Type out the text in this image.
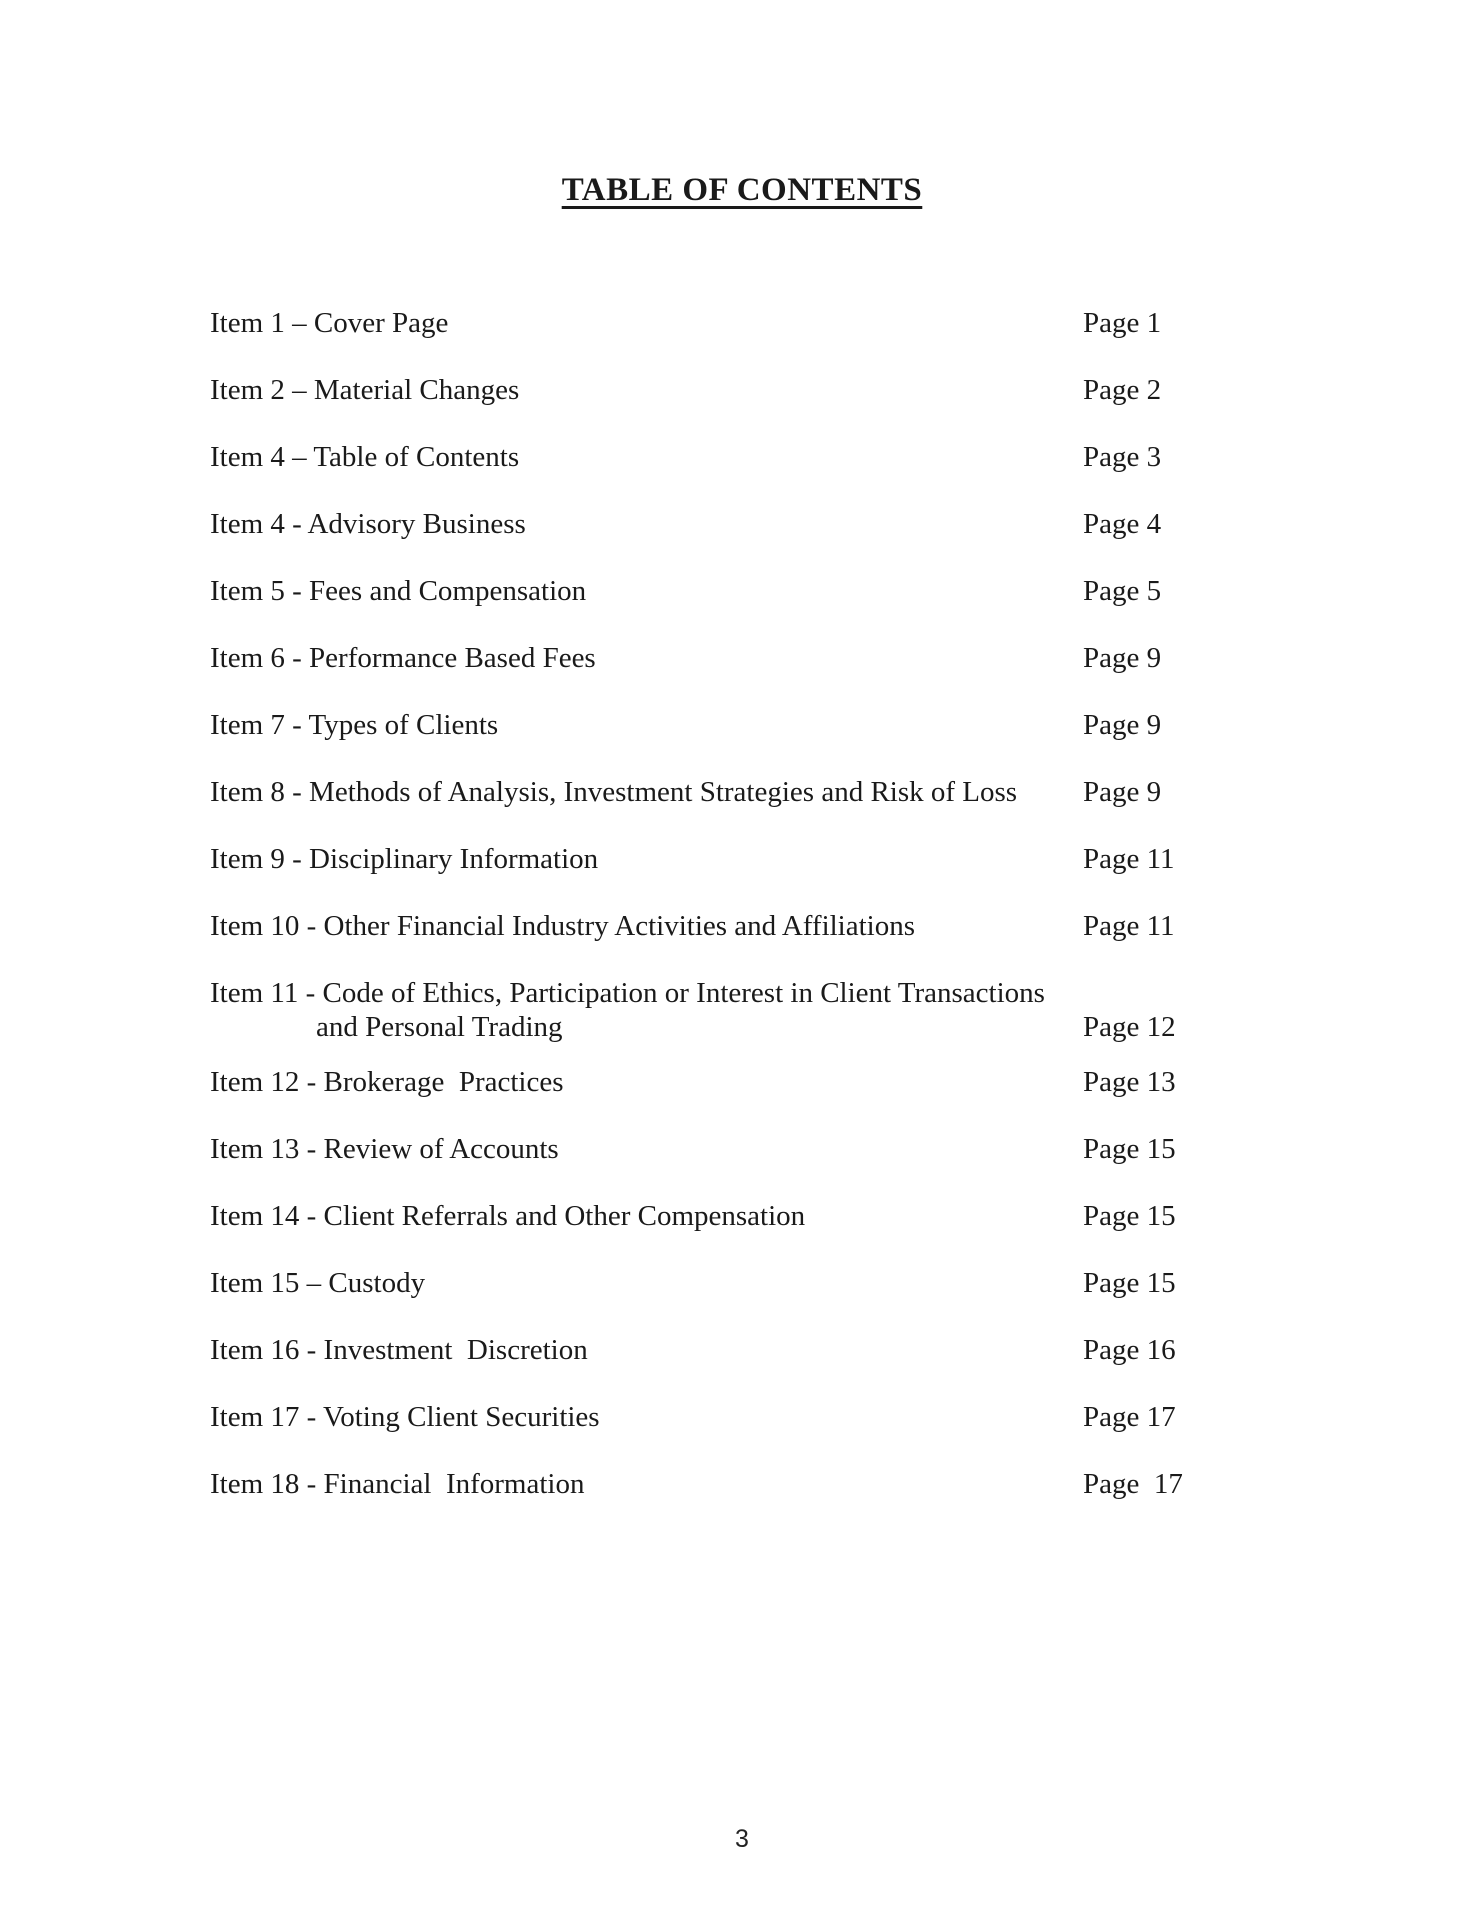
TABLE OF CONTENTS
Item 1 – Cover Page	Page 1
Item 2 – Material Changes	Page 2
Item 4 – Table of Contents	Page 3
Item 4 - Advisory Business	Page 4
Item 5 - Fees and Compensation	Page 5
Item 6 - Performance Based Fees	Page 9
Item 7 - Types of Clients	Page 9
Item 8 - Methods of Analysis, Investment Strategies and Risk of Loss Page 9
Item 9 - Disciplinary Information	Page 11
Item 10 - Other Financial Industry Activities and Affiliations	Page 11
Item 11 - Code of Ethics, Participation or Interest in Client Transactions
and Personal Trading	Page 12
Item 12 - Brokerage  Practices	Page 13
Item 13 - Review of Accounts	Page 15
Item 14 - Client Referrals and Other Compensation	Page 15
Item 15 – Custody	Page 15
Item 16 - Investment  Discretion	Page 16
Item 17 - Voting Client Securities	Page 17
Item 18 - Financial  Information	Page  17
3
